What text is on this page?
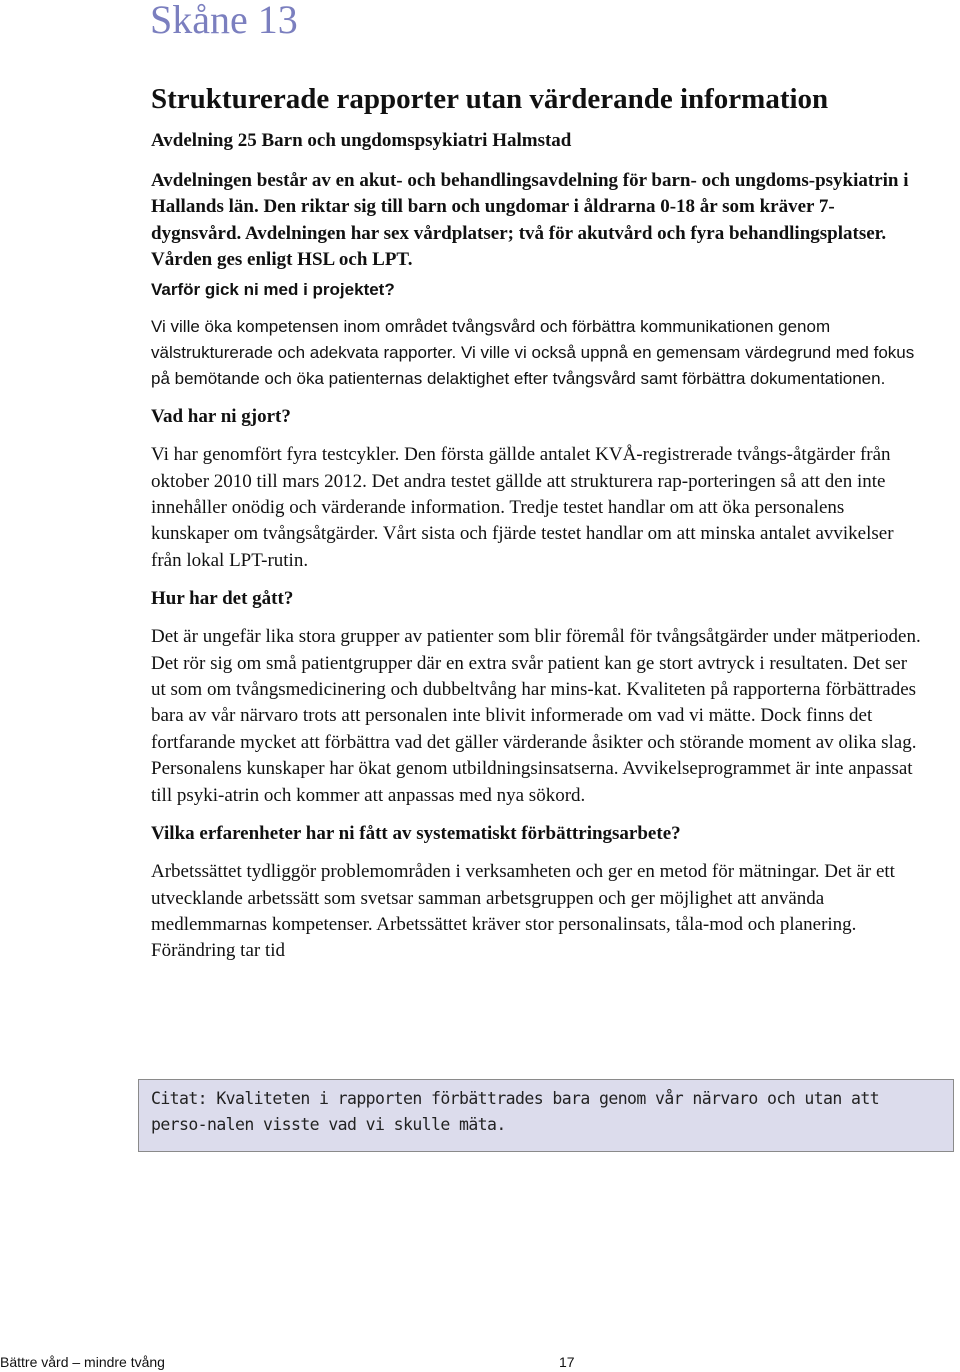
Skåne 13
Strukturerade rapporter utan värderande information

Avdelning 25 Barn och ungdomspsykiatri Halmstad

Avdelningen består av en akut- och behandlingsavdelning för barn- och ungdoms-psykiatrin i Hallands län. Den riktar sig till barn och ungdomar i åldrarna 0-18 år som kräver 7-dygnsvård. Avdelningen har sex vårdplatser; två för akutvård och fyra behandlingsplatser. Vården ges enligt HSL och LPT.

Varför gick ni med i projektet?

Vi ville öka kompetensen inom området tvångsvård och förbättra kommunikationen genom välstrukturerade och adekvata rapporter. Vi ville vi också uppnå en gemensam värdegrund med fokus på bemötande och öka patienternas delaktighet efter tvångsvård samt förbättra dokumentationen.

Vad har ni gjort?

Vi har genomfört fyra testcykler. Den första gällde antalet KVÅ-registrerade tvångs-åtgärder från oktober 2010 till mars 2012. Det andra testet gällde att strukturera rap-porteringen så att den inte innehåller onödig och värderande information. Tredje testet handlar om att öka personalens kunskaper om tvångsåtgärder. Vårt sista och fjärde testet handlar om att minska antalet avvikelser från lokal LPT-rutin.

Hur har det gått?

Det är ungefär lika stora grupper av patienter som blir föremål för tvångsåtgärder under mätperioden. Det rör sig om små patientgrupper där en extra svår patient kan ge stort avtryck i resultaten. Det ser ut som om tvångsmedicinering och dubbeltvång har mins-kat. Kvaliteten på rapporterna förbättrades bara av vår närvaro trots att personalen inte blivit informerade om vad vi mätte. Dock finns det fortfarande mycket att förbättra vad det gäller värderande åsikter och störande moment av olika slag. Personalens kunskaper har ökat genom utbildningsinsatserna. Avvikelseprogrammet är inte anpassat till psyki-atrin och kommer att anpassas med nya sökord.

Vilka erfarenheter har ni fått av systematiskt förbättringsarbete?

Arbetssättet tydliggör problemområden i verksamheten och ger en metod för mätningar. Det är ett utvecklande arbetssätt som svetsar samman arbetsgruppen och ger möjlighet att använda medlemmarnas kompetenser. Arbetssättet kräver stor personalinsats, tåla-mod och planering. Förändring tar tid

Citat: Kvaliteten i rapporten förbättrades bara genom vår närvaro och utan att perso-nalen visste vad vi skulle mäta.

Bättre vård – mindre tvång	17
